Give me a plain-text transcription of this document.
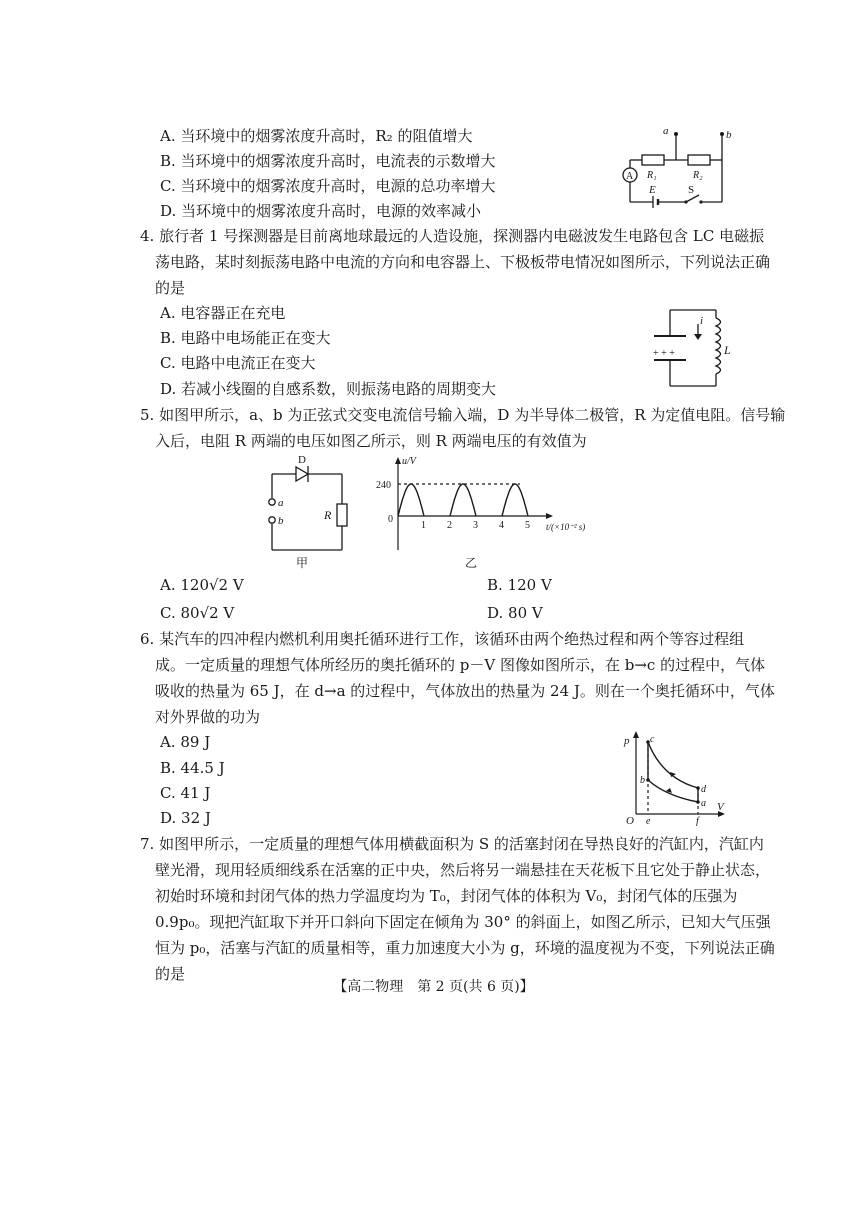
A. 当环境中的烟雾浓度升高时，R₂ 的阻值增大
B. 当环境中的烟雾浓度升高时，电流表的示数增大
C. 当环境中的烟雾浓度升高时，电源的总功率增大
D. 当环境中的烟雾浓度升高时，电源的效率减小
a	b
R₁	R₂
A
E	S
4. 旅行者 1 号探测器是目前离地球最远的人造设施，探测器内电磁波发生电路包含 LC 电磁振
荡电路，某时刻振荡电路中电流的方向和电容器上、下极板带电情况如图所示，下列说法正确
的是
A. 电容器正在充电
B. 电路中电场能正在变大
C. 电路中电流正在变大
D. 若减小线圈的自感系数，则振荡电路的周期变大
+ + +
i
L
5. 如图甲所示，a、b 为正弦式交变电流信号输入端，D 为半导体二极管，R 为定值电阻。信号输
入后，电阻 R 两端的电压如图乙所示，则 R 两端电压的有效值为
D
a
b	R
甲
u/V
240
0
1 2 3 4 5 t/(×10⁻² s)
乙
A. 120√2 V	B. 120 V
C. 80√2 V	D. 80 V
6. 某汽车的四冲程内燃机利用奥托循环进行工作，该循环由两个绝热过程和两个等容过程组
成。一定质量的理想气体所经历的奥托循环的 p－V 图像如图所示，在 b→c 的过程中，气体
吸收的热量为 65 J，在 d→a 的过程中，气体放出的热量为 24 J。则在一个奥托循环中，气体
对外界做的功为
A. 89 J
B. 44.5 J
C. 41 J
D. 32 J
p
V
O
c
b
d
a
e	f
7. 如图甲所示，一定质量的理想气体用横截面积为 S 的活塞封闭在导热良好的汽缸内，汽缸内
壁光滑，现用轻质细线系在活塞的正中央，然后将另一端悬挂在天花板下且它处于静止状态，
初始时环境和封闭气体的热力学温度均为 T₀，封闭气体的体积为 V₀，封闭气体的压强为
0.9p₀。现把汽缸取下并开口斜向下固定在倾角为 30° 的斜面上，如图乙所示，已知大气压强
恒为 p₀，活塞与汽缸的质量相等，重力加速度大小为 g，环境的温度视为不变，下列说法正确
的是
【高二物理　第 2 页(共 6 页)】
